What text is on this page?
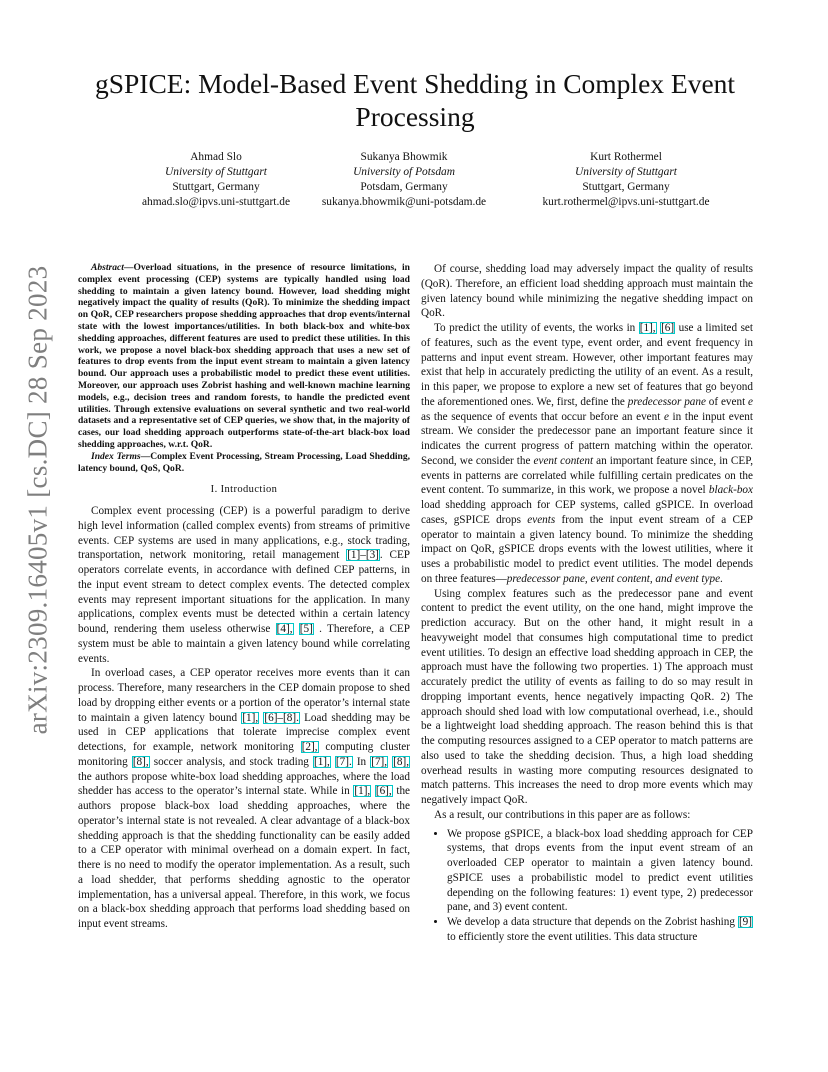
arXiv:2309.16405v1 [cs.DC] 28 Sep 2023
gSPICE: Model-Based Event Shedding in Complex Event Processing
Ahmad Slo
University of Stuttgart
Stuttgart, Germany
ahmad.slo@ipvs.uni-stuttgart.de
Sukanya Bhowmik
University of Potsdam
Potsdam, Germany
sukanya.bhowmik@uni-potsdam.de
Kurt Rothermel
University of Stuttgart
Stuttgart, Germany
kurt.rothermel@ipvs.uni-stuttgart.de

Abstract—Overload situations, in the presence of resource limitations, in complex event processing (CEP) systems are typically handled using load shedding to maintain a given latency bound. However, load shedding might negatively impact the quality of results (QoR). To minimize the shedding impact on QoR, CEP researchers propose shedding approaches that drop events/internal state with the lowest importances/utilities. In both black-box and white-box shedding approaches, different features are used to predict these utilities. In this work, we propose a novel black-box shedding approach that uses a new set of features to drop events from the input event stream to maintain a given latency bound. Our approach uses a probabilistic model to predict these event utilities. Moreover, our approach uses Zobrist hashing and well-known machine learning models, e.g., decision trees and random forests, to handle the predicted event utilities. Through extensive evaluations on several synthetic and two real-world datasets and a representative set of CEP queries, we show that, in the majority of cases, our load shedding approach outperforms state-of-the-art black-box load shedding approaches, w.r.t. QoR.

Index Terms—Complex Event Processing, Stream Processing, Load Shedding, latency bound, QoS, QoR.

I. Introduction

Complex event processing (CEP) is a powerful paradigm to derive high level information (called complex events) from streams of primitive events. CEP systems are used in many applications, e.g., stock trading, transportation, network monitoring, retail management [1]–[3]. CEP operators correlate events, in accordance with defined CEP patterns, in the input event stream to detect complex events. The detected complex events may represent important situations for the application. In many applications, complex events must be detected within a certain latency bound, rendering them useless otherwise [4], [5] . Therefore, a CEP system must be able to maintain a given latency bound while correlating events.

In overload cases, a CEP operator receives more events than it can process. Therefore, many researchers in the CEP domain propose to shed load by dropping either events or a portion of the operator’s internal state to maintain a given latency bound [1], [6]–[8]. Load shedding may be used in CEP applications that tolerate imprecise complex event detections, for example, network monitoring [2], computing cluster monitoring [8], soccer analysis, and stock trading [1], [7]. In [7], [8], the authors propose white-box load shedding approaches, where the load shedder has access to the operator’s internal state. While in [1], [6], the authors propose black-box load shedding approaches, where the operator’s internal state is not revealed. A clear advantage of a black-box shedding approach is that the shedding functionality can be easily added to a CEP operator with minimal overhead on a domain expert. In fact, there is no need to modify the operator implementation. As a result, such a load shedder, that performs shedding agnostic to the operator implementation, has a universal appeal. Therefore, in this work, we focus on a black-box shedding approach that performs load shedding based on input event streams.

Of course, shedding load may adversely impact the quality of results (QoR). Therefore, an efficient load shedding approach must maintain the given latency bound while minimizing the negative shedding impact on QoR.

To predict the utility of events, the works in [1], [6] use a limited set of features, such as the event type, event order, and event frequency in patterns and input event stream. However, other important features may exist that help in accurately predicting the utility of an event. As a result, in this paper, we propose to explore a new set of features that go beyond the aforementioned ones. We, first, define the predecessor pane of event e as the sequence of events that occur before an event e in the input event stream. We consider the predecessor pane an important feature since it indicates the current progress of pattern matching within the operator. Second, we consider the event content an important feature since, in CEP, events in patterns are correlated while fulfilling certain predicates on the event content. To summarize, in this work, we propose a novel black-box load shedding approach for CEP systems, called gSPICE. In overload cases, gSPICE drops events from the input event stream of a CEP operator to maintain a given latency bound. To minimize the shedding impact on QoR, gSPICE drops events with the lowest utilities, where it uses a probabilistic model to predict event utilities. The model depends on three features—predecessor pane, event content, and event type.

Using complex features such as the predecessor pane and event content to predict the event utility, on the one hand, might improve the prediction accuracy. But on the other hand, it might result in a heavyweight model that consumes high computational time to predict event utilities. To design an effective load shedding approach in CEP, the approach must have the following two properties. 1) The approach must accurately predict the utility of events as failing to do so may result in dropping important events, hence negatively impacting QoR. 2) The approach should shed load with low computational overhead, i.e., should be a lightweight load shedding approach. The reason behind this is that the computing resources assigned to a CEP operator to match patterns are also used to take the shedding decision. Thus, a high load shedding overhead results in wasting more computing resources designated to match patterns. This increases the need to drop more events which may negatively impact QoR.

As a result, our contributions in this paper are as follows:

• We propose gSPICE, a black-box load shedding approach for CEP systems, that drops events from the input event stream of an overloaded CEP operator to maintain a given latency bound. gSPICE uses a probabilistic model to predict event utilities depending on the following features: 1) event type, 2) predecessor pane, and 3) event content.
• We develop a data structure that depends on the Zobrist hashing [9] to efficiently store the event utilities. This data structure
